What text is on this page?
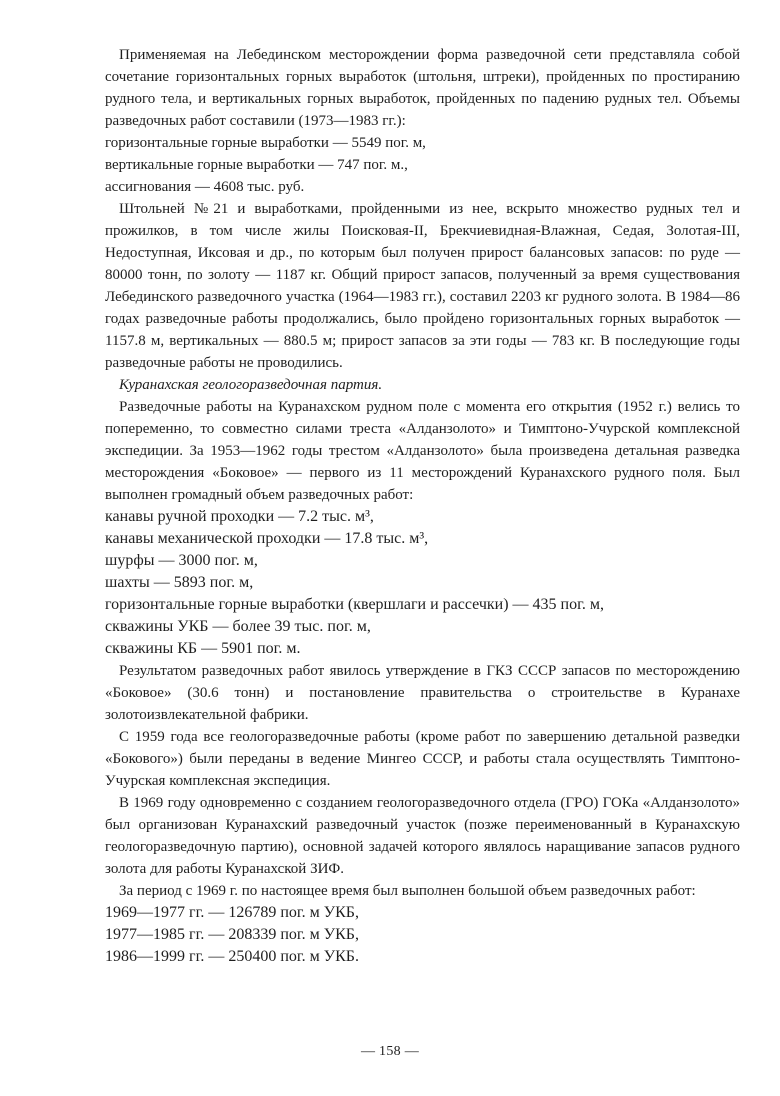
Применяемая на Лебединском месторождении форма разведочной сети представляла собой сочетание горизонтальных горных выработок (штольня, штреки), пройденных по простиранию рудного тела, и вертикальных горных выработок, пройденных по падению рудных тел. Объемы разведочных работ составили (1973—1983 гг.):

горизонтальные горные выработки — 5549 пог. м,
вертикальные горные выработки — 747 пог. м.,
ассигнования — 4608 тыс. руб.

Штольней №21 и выработками, пройденными из нее, вскрыто множество рудных тел и прожилков, в том числе жилы Поисковая-II, Брекчиевидная-Влажная, Седая, Золотая-III, Недоступная, Иксовая и др., по которым был получен прирост балансовых запасов: по руде — 80000 тонн, по золоту — 1187 кг. Общий прирост запасов, полученный за время существования Лебединского разведочного участка (1964—1983 гг.), составил 2203 кг рудного золота. В 1984—86 годах разведочные работы продолжались, было пройдено горизонтальных горных выработок — 1157.8 м, вертикальных — 880.5 м; прирост запасов за эти годы — 783 кг. В последующие годы разведочные работы не проводились.

Куранахская геологоразведочная партия.

Разведочные работы на Куранахском рудном поле с момента его открытия (1952 г.) велись то попеременно, то совместно силами треста «Алданзолото» и Тимптоно-Учурской комплексной экспедиции. За 1953—1962 годы трестом «Алданзолото» была произведена детальная разведка месторождения «Боковое» — первого из 11 месторождений Куранахского рудного поля. Был выполнен громадный объем разведочных работ:

канавы ручной проходки — 7.2 тыс. м³,
канавы механической проходки — 17.8 тыс. м³,
шурфы — 3000 пог. м,
шахты — 5893 пог. м,
горизонтальные горные выработки (квершлаги и рассечки) — 435 пог. м,
скважины УКБ — более 39 тыс. пог. м,
скважины КБ — 5901 пог. м.

Результатом разведочных работ явилось утверждение в ГКЗ СССР запасов по месторождению «Боковое» (30.6 тонн) и постановление правительства о строительстве в Куранахе золотоизвлекательной фабрики.

С 1959 года все геологоразведочные работы (кроме работ по завершению детальной разведки «Бокового») были переданы в ведение Мингео СССР, и работы стала осуществлять Тимптоно-Учурская комплексная экспедиция.

В 1969 году одновременно с созданием геологоразведочного отдела (ГРО) ГОКа «Алданзолото» был организован Куранахский разведочный участок (позже переименованный в Куранахскую геологоразведочную партию), основной задачей которого являлось наращивание запасов рудного золота для работы Куранахской ЗИФ.

За период с 1969 г. по настоящее время был выполнен большой объем разведочных работ:

1969—1977 гг. — 126789 пог. м УКБ,
1977—1985 гг. — 208339 пог. м УКБ,
1986—1999 гг. — 250400 пог. м УКБ.
— 158 —
